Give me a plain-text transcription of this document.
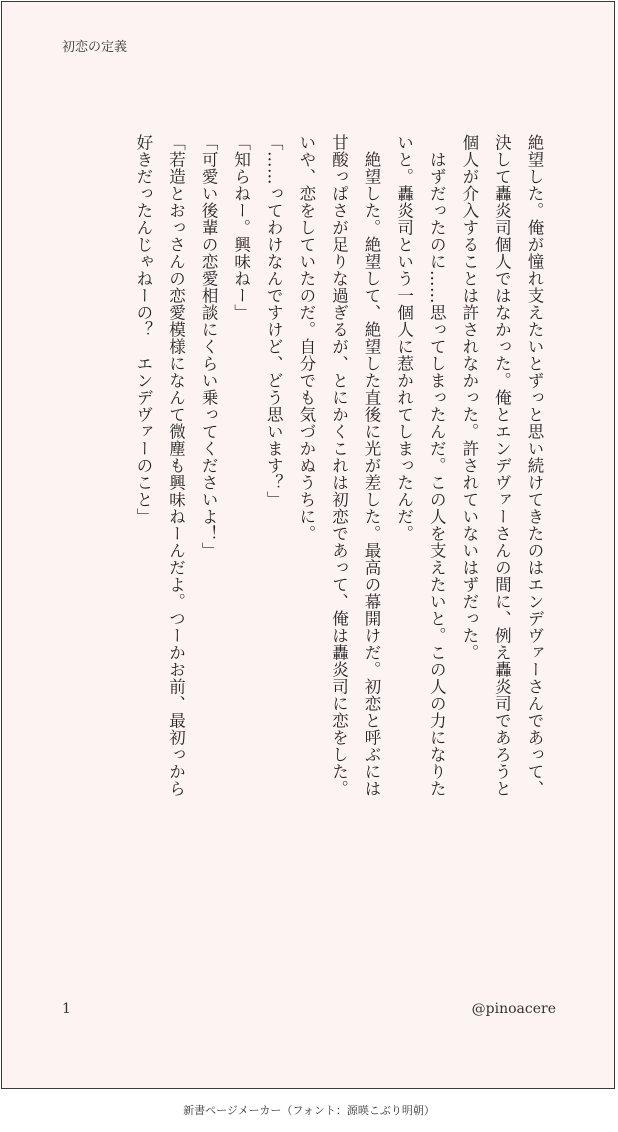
初恋の定義
絶望した。俺が憧れ支えたいとずっと思い続けてきたのはエンデヴァーさんであって、
決して轟炎司個人ではなかった。俺とエンデヴァーさんの間に、例え轟炎司であろうと
個人が介入することは許されなかった。許されていないはずだった。
　はずだったのに……思ってしまったんだ。この人を支えたいと。この人の力になりた
いと。轟炎司という一個人に惹かれてしまったんだ。
　絶望した。絶望して、絶望した直後に光が差した。最高の幕開けだ。初恋と呼ぶには
甘酸っぱさが足りな過ぎるが、とにかくこれは初恋であって、俺は轟炎司に恋をした。
いや、恋をしていたのだ。自分でも気づかぬうちに。
「……ってわけなんですけど、どう思います？」
「知らねー。興味ねー」
「可愛い後輩の恋愛相談にくらい乗ってくださいよ！」
「若造とおっさんの恋愛模様になんて微塵も興味ねーんだよ。つーかお前、最初っから
好きだったんじゃねーの？　エンデヴァーのこと」
1	@pinoacere
新書ページメーカー（フォント：源暎こぶり明朝）
